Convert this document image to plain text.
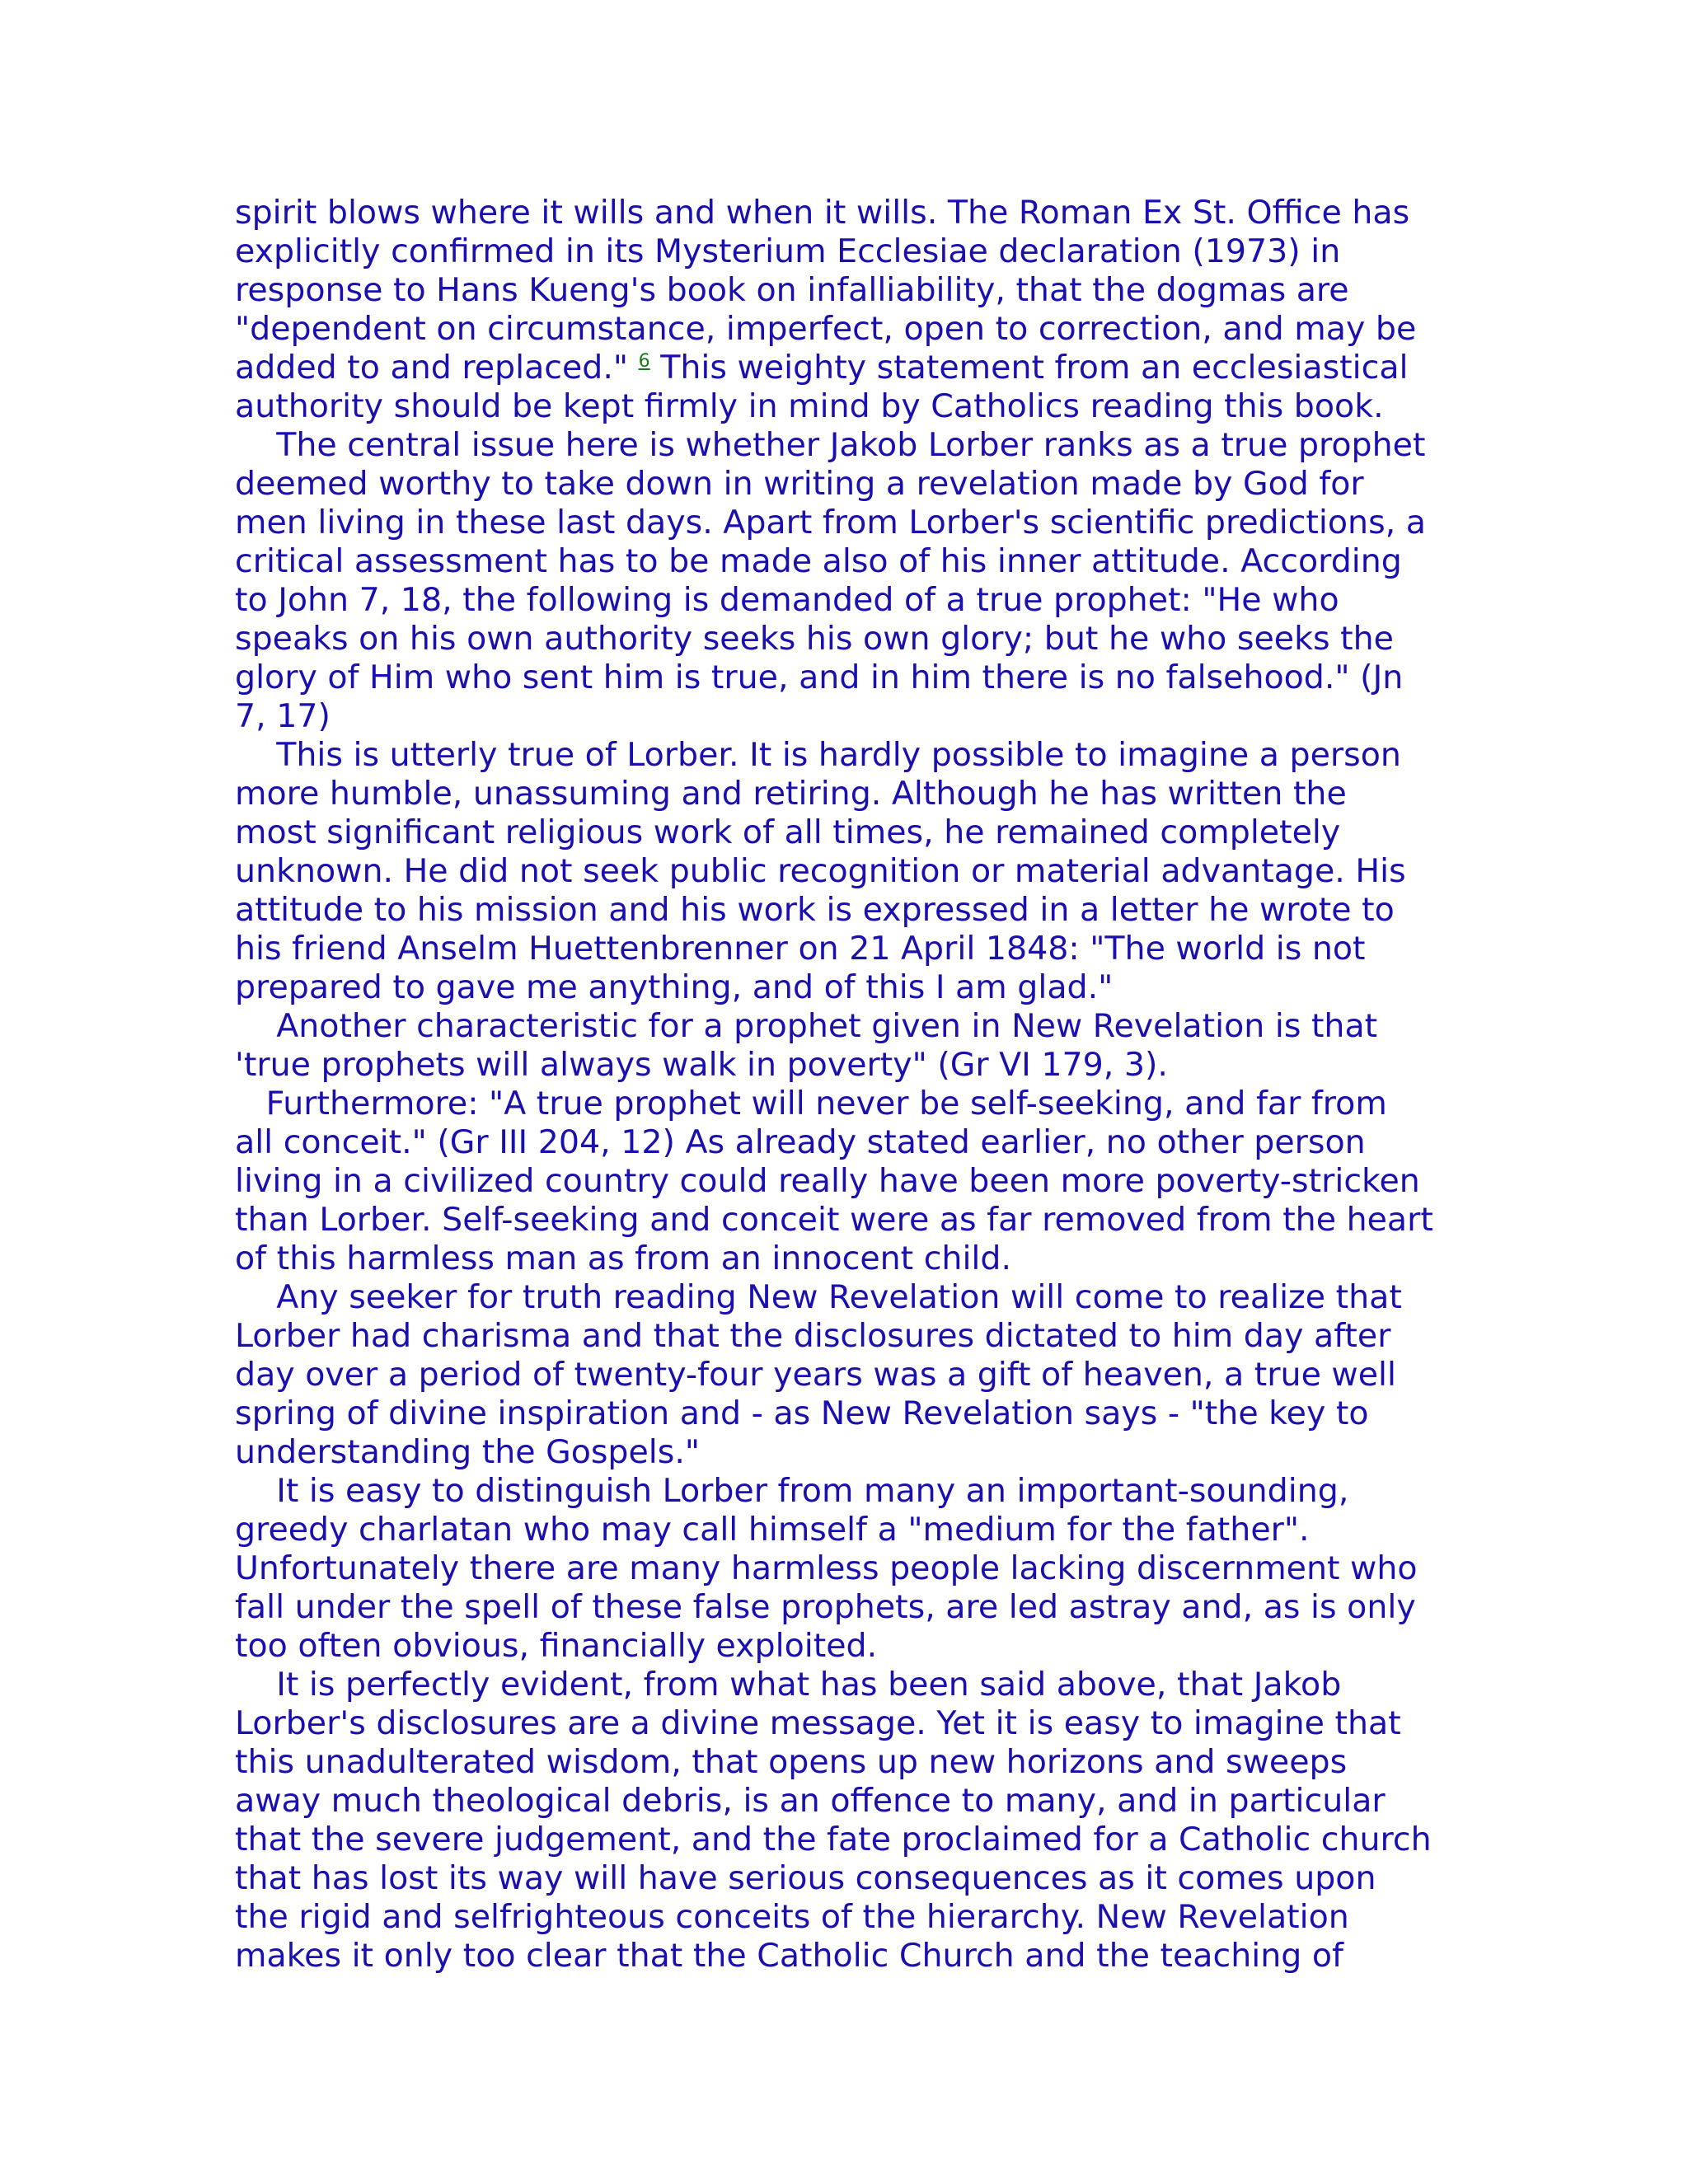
spirit blows where it wills and when it wills. The Roman Ex St. Office has
explicitly confirmed in its Mysterium Ecclesiae declaration (1973) in
response to Hans Kueng's book on infalliability, that the dogmas are
"dependent on circumstance, imperfect, open to correction, and may be
added to and replaced." $^6$ This weighty statement from an ecclesiastical
authority should be kept firmly in mind by Catholics reading this book.
The central issue here is whether Jakob Lorber ranks as a true prophet
deemed worthy to take down in writing a revelation made by God for
men living in these last days. Apart from Lorber's scientific predictions, a
critical assessment has to be made also of his inner attitude. According
to John 7, 18, the following is demanded of a true prophet: "He who
speaks on his own authority seeks his own glory; but he who seeks the
glory of Him who sent him is true, and in him there is no falsehood." (Jn
7, 17)
This is utterly true of Lorber. It is hardly possible to imagine a person
more humble, unassuming and retiring. Although he has written the
most significant religious work of all times, he remained completely
unknown. He did not seek public recognition or material advantage. His
attitude to his mission and his work is expressed in a letter he wrote to
his friend Anselm Huettenbrenner on 21 April 1848: "The world is not
prepared to gave me anything, and of this I am glad."
Another characteristic for a prophet given in New Revelation is that
'true prophets will always walk in poverty" (Gr VI 179, 3).
Furthermore: "A true prophet will never be self-seeking, and far from
all conceit." (Gr III 204, 12) As already stated earlier, no other person
living in a civilized country could really have been more poverty-stricken
than Lorber. Self-seeking and conceit were as far removed from the heart
of this harmless man as from an innocent child.
Any seeker for truth reading New Revelation will come to realize that
Lorber had charisma and that the disclosures dictated to him day after
day over a period of twenty-four years was a gift of heaven, a true well
spring of divine inspiration and - as New Revelation says - "the key to
understanding the Gospels."
It is easy to distinguish Lorber from many an important-sounding,
greedy charlatan who may call himself a "medium for the father".
Unfortunately there are many harmless people lacking discernment who
fall under the spell of these false prophets, are led astray and, as is only
too often obvious, financially exploited.
It is perfectly evident, from what has been said above, that Jakob
Lorber's disclosures are a divine message. Yet it is easy to imagine that
this unadulterated wisdom, that opens up new horizons and sweeps
away much theological debris, is an offence to many, and in particular
that the severe judgement, and the fate proclaimed for a Catholic church
that has lost its way will have serious consequences as it comes upon
the rigid and selfrighteous conceits of the hierarchy. New Revelation
makes it only too clear that the Catholic Church and the teaching of
